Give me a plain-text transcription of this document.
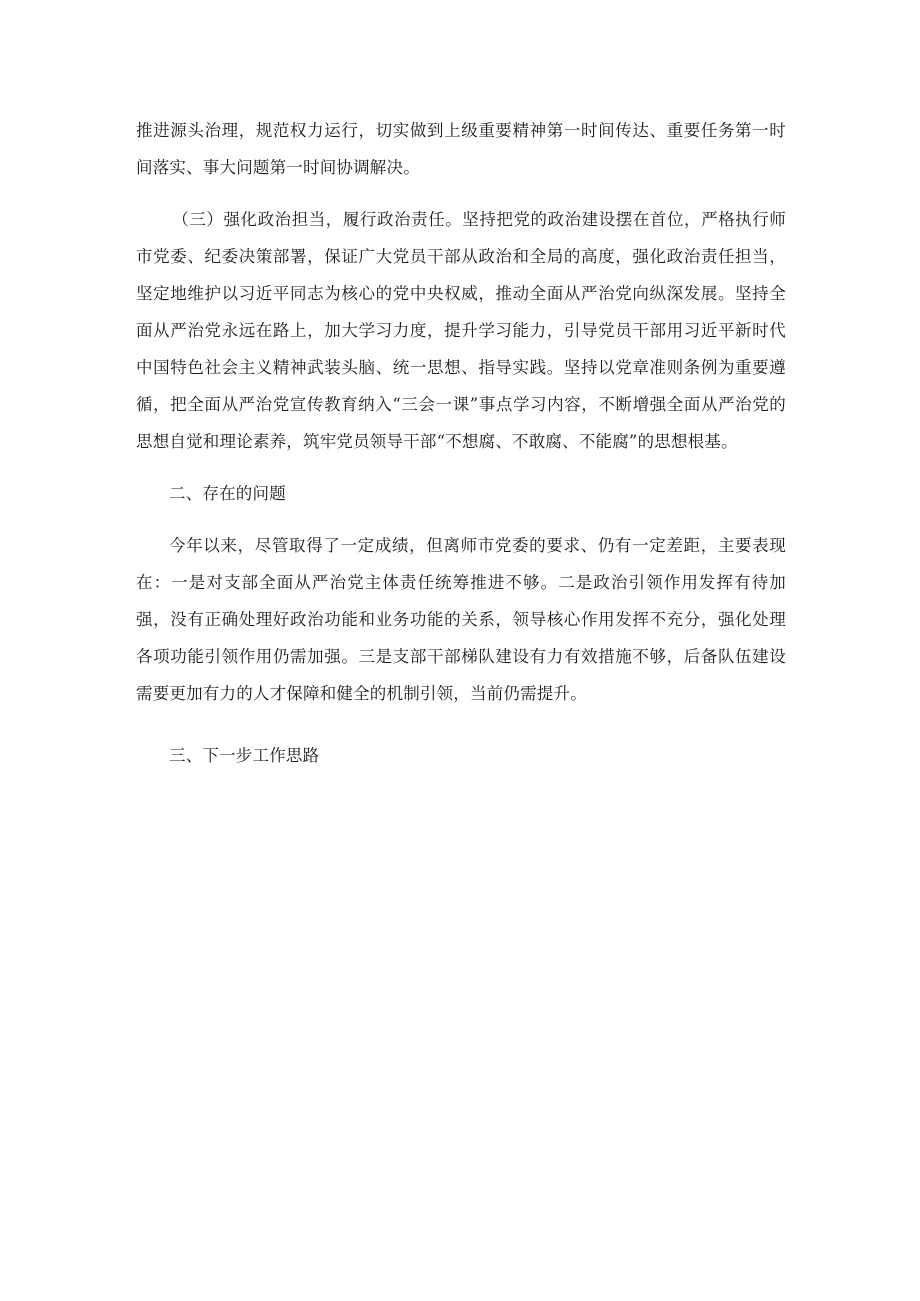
推进源头治理，规范权力运行，切实做到上级重要精神第一时间传达、重要任务第一时间落实、事大问题第一时间协调解决。

（三）强化政治担当，履行政治责任。坚持把党的政治建设摆在首位，严格执行师市党委、纪委决策部署，保证广大党员干部从政治和全局的高度，强化政治责任担当，坚定地维护以习近平同志为核心的党中央权威，推动全面从严治党向纵深发展。坚持全面从严治党永远在路上，加大学习力度，提升学习能力，引导党员干部用习近平新时代中国特色社会主义精神武装头脑、统一思想、指导实践。坚持以党章准则条例为重要遵循，把全面从严治党宣传教育纳入“三会一课”事点学习内容，不断增强全面从严治党的思想自觉和理论素养，筑牢党员领导干部“不想腐、不敢腐、不能腐”的思想根基。

二、存在的问题

今年以来，尽管取得了一定成绩，但离师市党委的要求、仍有一定差距，主要表现在：一是对支部全面从严治党主体责任统筹推进不够。二是政治引领作用发挥有待加强，没有正确处理好政治功能和业务功能的关系，领导核心作用发挥不充分，强化处理各项功能引领作用仍需加强。三是支部干部梯队建设有力有效措施不够，后备队伍建设需要更加有力的人才保障和健全的机制引领，当前仍需提升。

三、下一步工作思路
